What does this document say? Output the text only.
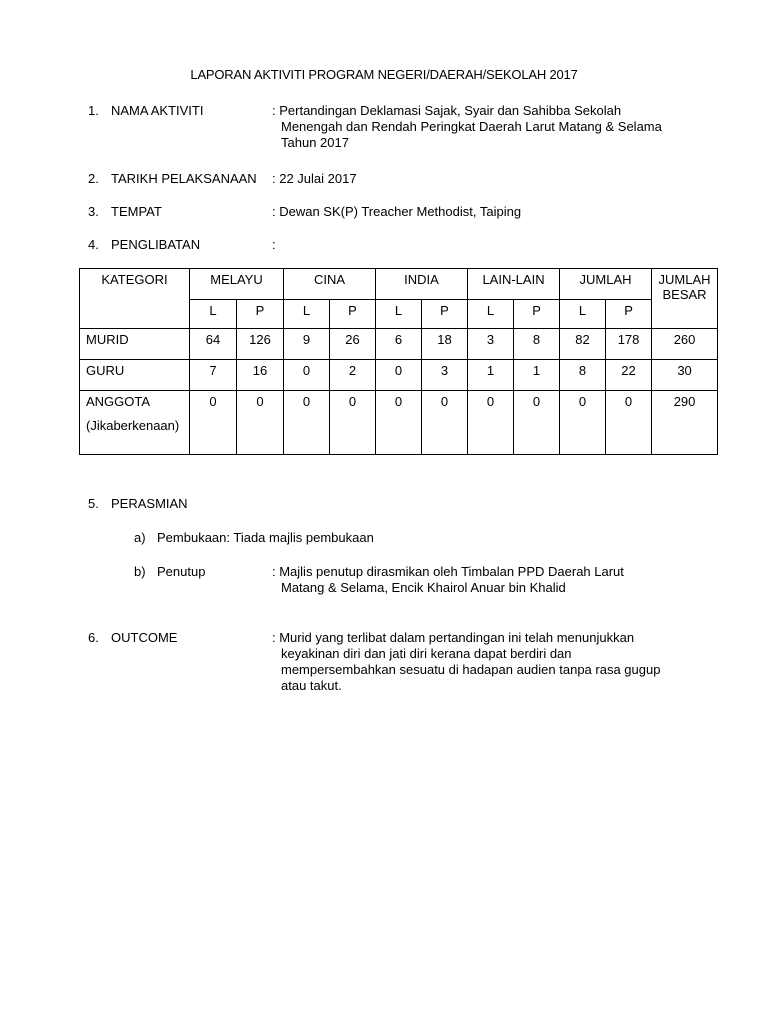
LAPORAN AKTIVITI PROGRAM NEGERI/DAERAH/SEKOLAH 2017
1. NAMA AKTIVITI	: Pertandingan Deklamasi Sajak, Syair dan Sahibba Sekolah
Menengah dan Rendah Peringkat Daerah Larut Matang & Selama
Tahun 2017
2. TARIKH PELAKSANAAN : 22 Julai 2017
3. TEMPAT	: Dewan SK(P) Treacher Methodist, Taiping
4. PENGLIBATAN	:
KATEGORI	MELAYU		CINA		INDIA		LAIN-LAIN		JUMLAH		JUMLAH
BESAR
	L	P	L	P	L	P	L	P	L	P	
MURID	64	126	9	26	6	18	3	8	82	178	260
GURU	7	16	0	2	0	3	1	1	8	22	30
ANGGOTA
(Jikaberkenaan)	0	0	0	0	0	0	0	0	0	0	290
5. PERASMIAN
a) Pembukaan: Tiada majlis pembukaan
b) Penutup	: Majlis penutup dirasmikan oleh Timbalan PPD Daerah Larut
Matang & Selama, Encik Khairol Anuar bin Khalid
6. OUTCOME	: Murid yang terlibat dalam pertandingan ini telah menunjukkan
keyakinan diri dan jati diri kerana dapat berdiri dan
mempersembahkan sesuatu di hadapan audien tanpa rasa gugup
atau takut.
